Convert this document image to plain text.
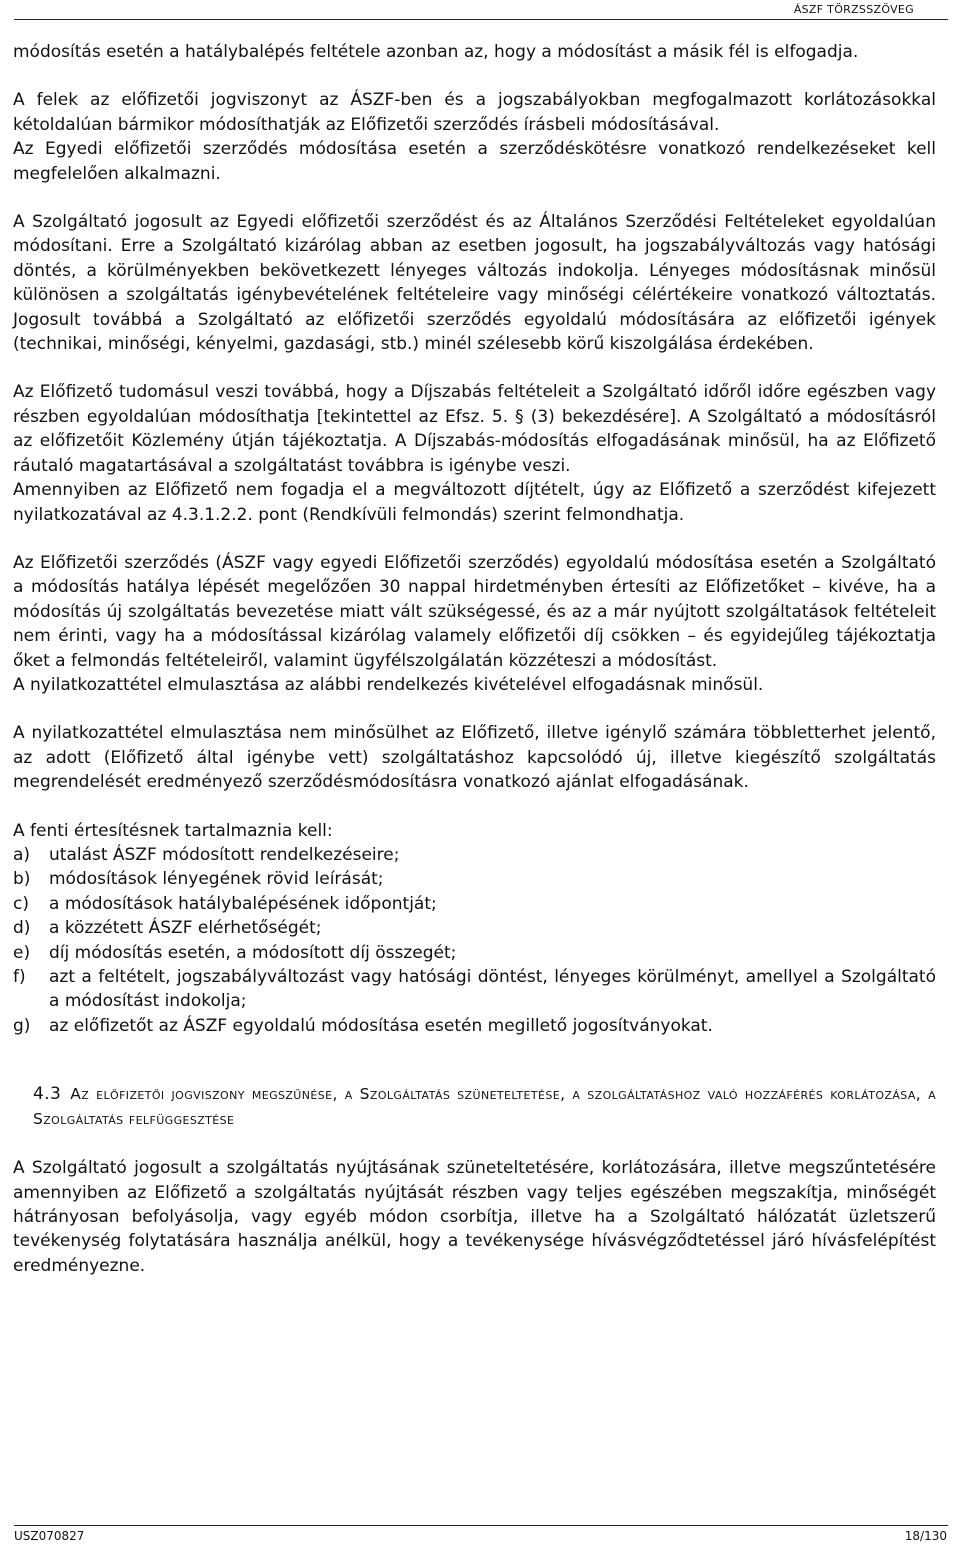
ÁSZF TÖRZSSZÖVEG

módosítás esetén a hatálybalépés feltétele azonban az, hogy a módosítást a másik fél is elfogadja.

A felek az előfizetői jogviszonyt az ÁSZF-ben és a jogszabályokban megfogalmazott korlátozásokkal kétoldalúan bármikor módosíthatják az Előfizetői szerződés írásbeli módosításával.

Az Egyedi előfizetői szerződés módosítása esetén a szerződéskötésre vonatkozó rendelkezéseket kell megfelelően alkalmazni.

A Szolgáltató jogosult az Egyedi előfizetői szerződést és az Általános Szerződési Feltételeket egyoldalúan módosítani. Erre a Szolgáltató kizárólag abban az esetben jogosult, ha jogszabályváltozás vagy hatósági döntés, a körülményekben bekövetkezett lényeges változás indokolja. Lényeges módosításnak minősül különösen a szolgáltatás igénybevételének feltételeire vagy minőségi célértékeire vonatkozó változtatás. Jogosult továbbá a Szolgáltató az előfizetői szerződés egyoldalú módosítására az előfizetői igények (technikai, minőségi, kényelmi, gazdasági, stb.) minél szélesebb körű kiszolgálása érdekében.

Az Előfizető tudomásul veszi továbbá, hogy a Díjszabás feltételeit a Szolgáltató időről időre egészben vagy részben egyoldalúan módosíthatja [tekintettel az Efsz. 5. § (3) bekezdésére]. A Szolgáltató a módosításról az előfizetőit Közlemény útján tájékoztatja. A Díjszabás-módosítás elfogadásának minősül, ha az Előfizető ráutaló magatartásával a szolgáltatást továbbra is igénybe veszi.

Amennyiben az Előfizető nem fogadja el a megváltozott díjtételt, úgy az Előfizető a szerződést kifejezett nyilatkozatával az 4.3.1.2.2. pont (Rendkívüli felmondás) szerint felmondhatja.

Az Előfizetői szerződés (ÁSZF vagy egyedi Előfizetői szerződés) egyoldalú módosítása esetén a Szolgáltató a módosítás hatálya lépését megelőzően 30 nappal hirdetményben értesíti az Előfizetőket – kivéve, ha a módosítás új szolgáltatás bevezetése miatt vált szükségessé, és az a már nyújtott szolgáltatások feltételeit nem érinti, vagy ha a módosítással kizárólag valamely előfizetői díj csökken – és egyidejűleg tájékoztatja őket a felmondás feltételeiről, valamint ügyfélszolgálatán közzéteszi a módosítást.

A nyilatkozattétel elmulasztása az alábbi rendelkezés kivételével elfogadásnak minősül.

A nyilatkozattétel elmulasztása nem minősülhet az Előfizető, illetve igénylő számára többletterhet jelentő, az adott (Előfizető által igénybe vett) szolgáltatáshoz kapcsolódó új, illetve kiegészítő szolgáltatás megrendelését eredményező szerződésmódosításra vonatkozó ajánlat elfogadásának.

A fenti értesítésnek tartalmaznia kell:

a)	utalást ÁSZF módosított rendelkezéseire;
b)	módosítások lényegének rövid leírását;
c)	a módosítások hatálybalépésének időpontját;
d)	a közzétett ÁSZF elérhetőségét;
e)	díj módosítás esetén, a módosított díj összegét;
f)	azt a feltételt, jogszabályváltozást vagy hatósági döntést, lényeges körülményt, amellyel a Szolgáltató a módosítást indokolja;
g)	az előfizetőt az ÁSZF egyoldalú módosítása esetén megillető jogosítványokat.

4.3 Az előfizetői jogviszony megszűnése, a Szolgáltatás szüneteltetése, a szolgáltatáshoz való hozzáférés korlátozása, a Szolgáltatás felfüggesztése

A Szolgáltató jogosult a szolgáltatás nyújtásának szüneteltetésére, korlátozására, illetve megszűntetésére amennyiben az Előfizető a szolgáltatás nyújtását részben vagy teljes egészében megszakítja, minőségét hátrányosan befolyásolja, vagy egyéb módon csorbítja, illetve ha a Szolgáltató hálózatát üzletszerű tevékenység folytatására használja anélkül, hogy a tevékenysége hívásvégződtetéssel járó hívásfelépítést eredményezne.

USZ070827	18/130
